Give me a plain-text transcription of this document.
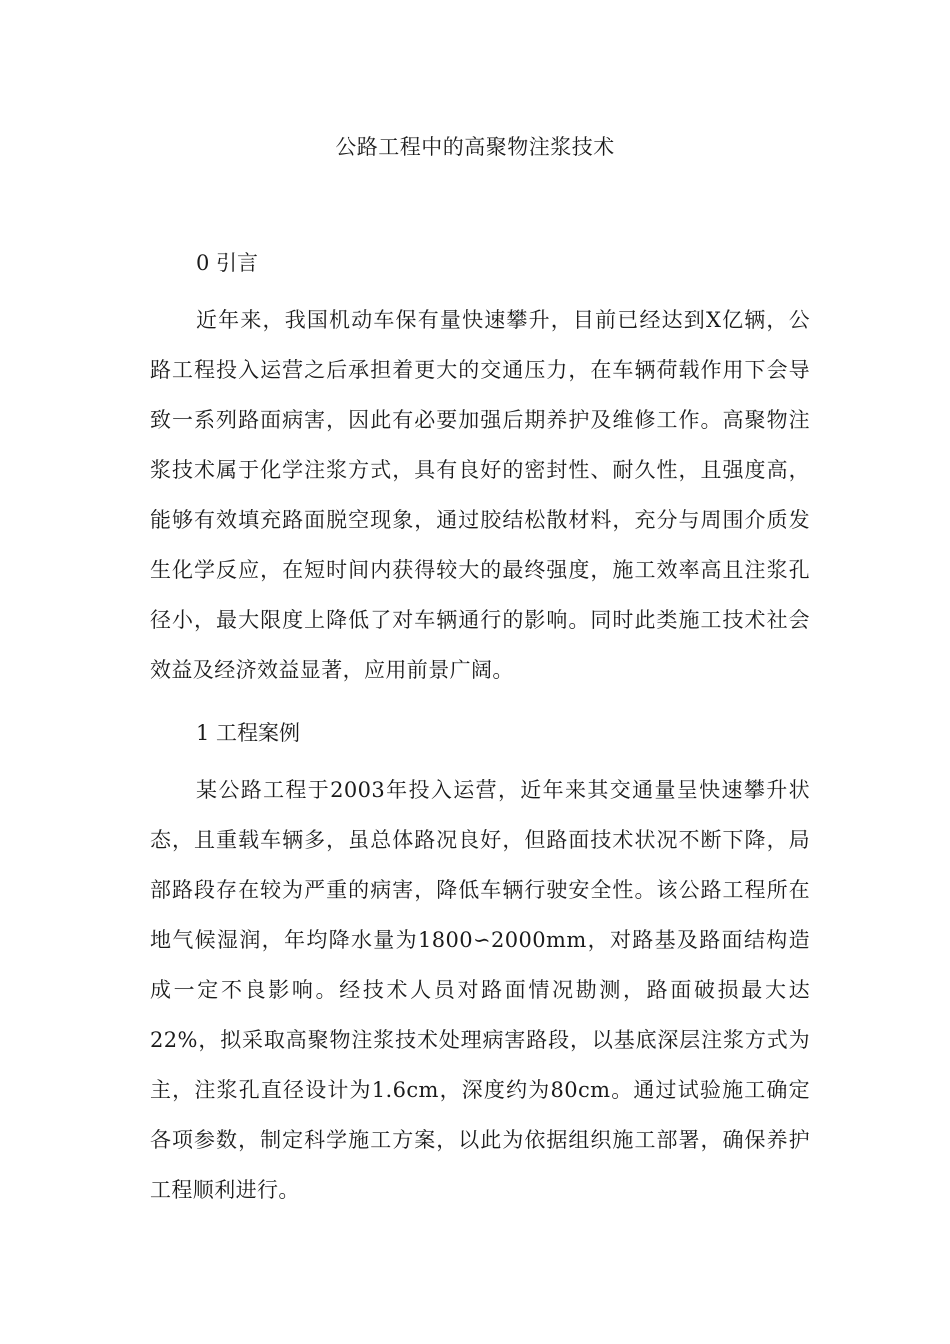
公路工程中的高聚物注浆技术

0 引言

近年来，我国机动车保有量快速攀升，目前已经达到X亿辆，公路工程投入运营之后承担着更大的交通压力，在车辆荷载作用下会导致一系列路面病害，因此有必要加强后期养护及维修工作。高聚物注浆技术属于化学注浆方式，具有良好的密封性、耐久性，且强度高，能够有效填充路面脱空现象，通过胶结松散材料，充分与周围介质发生化学反应，在短时间内获得较大的最终强度，施工效率高且注浆孔径小，最大限度上降低了对车辆通行的影响。同时此类施工技术社会效益及经济效益显著，应用前景广阔。

1 工程案例

某公路工程于2003年投入运营，近年来其交通量呈快速攀升状态，且重载车辆多，虽总体路况良好，但路面技术状况不断下降，局部路段存在较为严重的病害，降低车辆行驶安全性。该公路工程所在地气候湿润，年均降水量为1800∽2000mm，对路基及路面结构造成一定不良影响。经技术人员对路面情况勘测，路面破损最大达22%，拟采取高聚物注浆技术处理病害路段，以基底深层注浆方式为主，注浆孔直径设计为1.6cm，深度约为80cm。通过试验施工确定各项参数，制定科学施工方案，以此为依据组织施工部署，确保养护工程顺利进行。
